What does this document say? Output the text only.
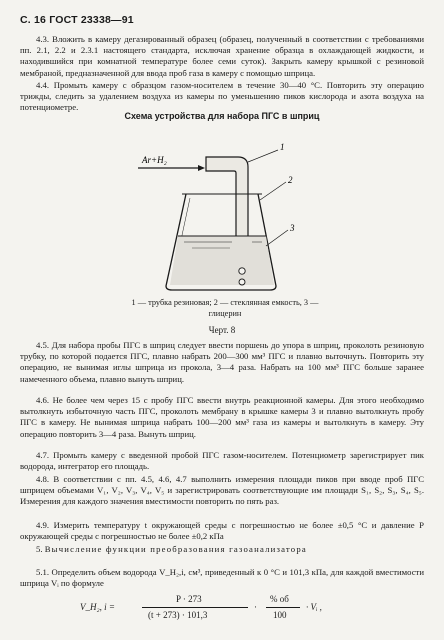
С. 16 ГОСТ 23338—91
4.3. Вложить в камеру дегазированный образец (образец, полученный в соответствии с требованиями пп. 2.1, 2.2 и 2.3.1 настоящего стандарта, исключая хранение образца в охлаждающей жидкости, и находившийся при комнатной температуре более семи суток). Закрыть камеру крышкой с резиновой мембраной, предназначенной для ввода проб газа в камеру с помощью шприца.
4.4. Промыть камеру с образцом газом-носителем в течение 30—40 °С. Повторить эту операцию трижды, следить за удалением воздуха из камеры по уменьшению пиков кислорода и азота воздуха на потенциометре.
Схема устройства для набора ПГС в шприц
Ar+H₂
1
2
3
1 — трубка резиновая; 2 — стеклянная емкость, 3 — глицерин
Черт. 8
4.5. Для набора пробы ПГС в шприц следует ввести поршень до упора в шприц, проколоть резиновую трубку, по которой подается ПГС, плавно набрать 200—300 мм³ ПГС и плавно выточнуть. Повторить эту операцию, не вынимая иглы шприца из прокола, 3—4 раза. Набрать на 100 мм³ ПГС больше заранее намеченного объема, плавно вынуть шприц.
4.6. Не более чем через 15 с пробу ПГС ввести внутрь реакционной камеры. Для этого необходимо вытолкнуть избыточную часть ПГС, проколоть мембрану в крышке камеры 3 и плавно вытолкнуть пробу ПГС в камеру. Не вынимая шприца набрать 100—200 мм³ газа из камеры и вытолкнуть в камеру. Эту операцию повторить 3—4 раза. Вынуть шприц.
4.7. Промыть камеру с введенной пробой ПГС газом-носителем. Потенциометр зарегистрирует пик водорода, интегратор его площадь.
4.8. В соответствии с пп. 4.5, 4.6, 4.7 выполнить измерения площади пиков при вводе проб ПГС шприцем объемами V₁, V₂, V₃, V₄, V₅ и зарегистрировать соответствующие им площади S₁, S₂, S₃, S₄, S₅. Измерения для каждого значения вместимости повторить по пять раз.
4.9. Измерить температуру t окружающей среды с погрешностью не более ±0,5 °С и давление P окружающей среды с погрешностью не более ±0,2 кПа
5. Вычисление функции преобразования газоанализатора
5.1. Определить объем водорода V_H₂,i, см³, приведенный к 0 °С и 101,3 кПа, для каждой вместимости шприца Vᵢ по формуле
V_H₂, i =
P · 273
(t + 273) · 101,3
·
% об
100
· Vᵢ ,
